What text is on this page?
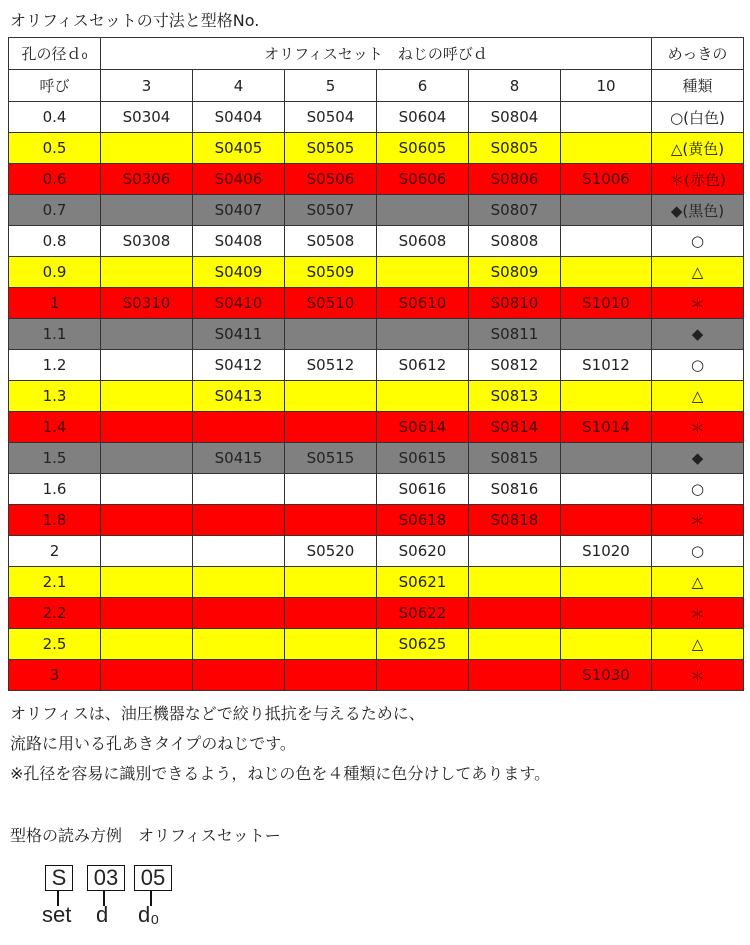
オリフィスセットの寸法と型格No.
孔の径ｄ₀	オリフィスセット　ねじの呼びｄ						めっきの
呼び	3	4	5	6	8	10	種類
0.4	S0304	S0404	S0504	S0604	S0804		○(白色)
0.5		S0405	S0505	S0605	S0805		△(黄色)
0.6	S0306	S0406	S0506	S0606	S0806	S1006	＊(赤色)
0.7		S0407	S0507		S0807		◆(黒色)
0.8	S0308	S0408	S0508	S0608	S0808		○
0.9		S0409	S0509		S0809		△
1	S0310	S0410	S0510	S0610	S0810	S1010	＊
1.1		S0411			S0811		◆
1.2		S0412	S0512	S0612	S0812	S1012	○
1.3		S0413			S0813		△
1.4				S0614	S0814	S1014	＊
1.5		S0415	S0515	S0615	S0815		◆
1.6				S0616	S0816		○
1.8				S0618	S0818		＊
2			S0520	S0620		S1020	○
2.1				S0621			△
2.2				S0622			＊
2.5				S0625			△
3						S1030	＊
オリフィスは、油圧機器などで絞り抵抗を与えるために、
流路に用いる孔あきタイプのねじです。
※孔径を容易に識別できるよう，ねじの色を４種類に色分けしてあります。
型格の読み方例　オリフィスセットー
S	03	05
set d d₀
